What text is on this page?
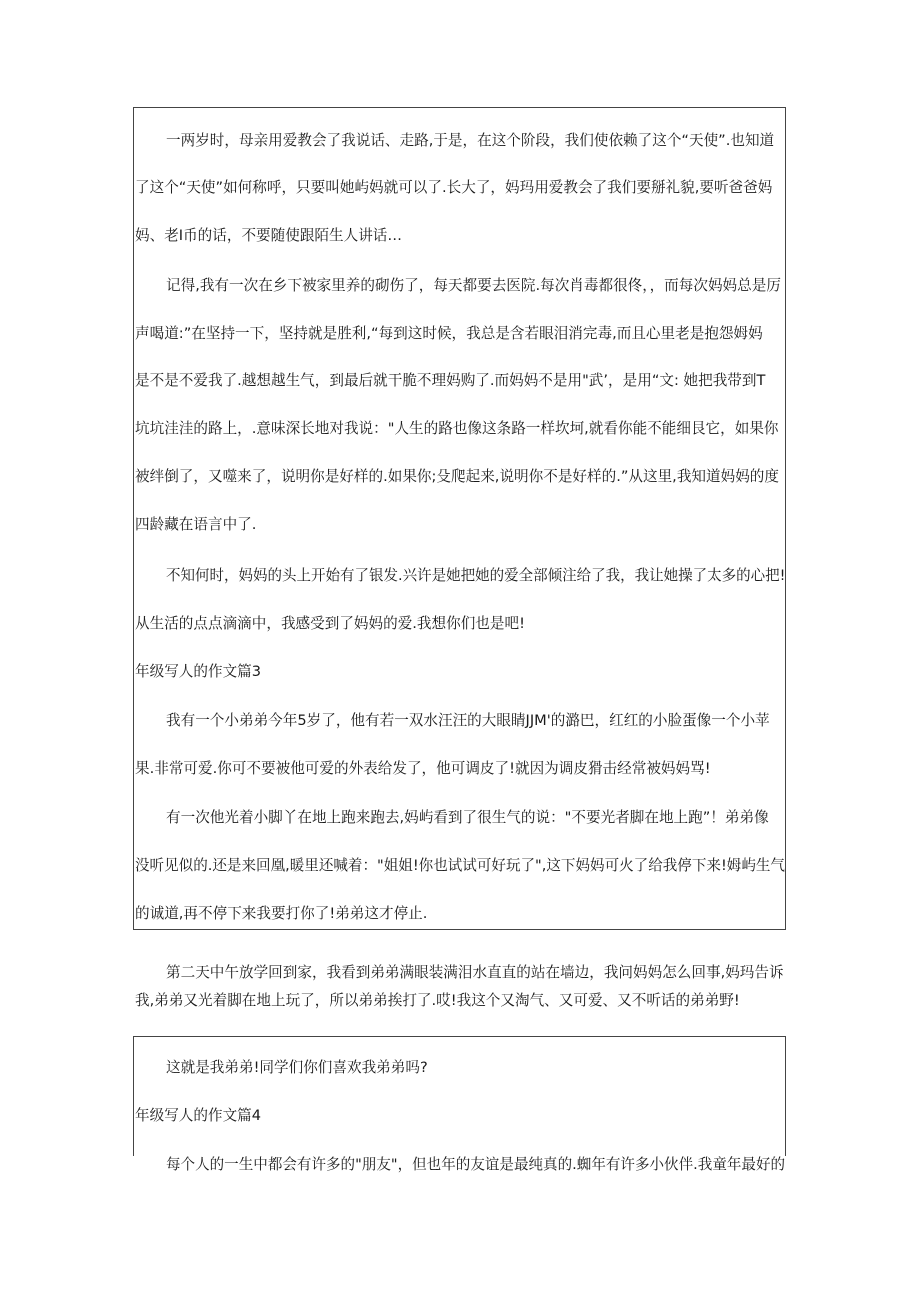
一两岁时，母亲用爱教会了我说话、走路,于是，在这个阶段，我们使依赖了这个“天使”.也知道
了这个“天使”如何称呼，只要叫她屿妈就可以了.长大了，妈玛用爱教会了我们要掰礼貌,要听爸爸妈
妈、老I币的话，不要随使跟陌生人讲话…
记得,我有一次在乡下被家里养的砌伤了，每天都要去医院.每次肖毒都很佟，，而每次妈妈总是厉
声喝道:”在坚持一下，坚持就是胜利,“每到这时候，我总是含若眼泪消完毒,而且心里老是抱怨姆妈
是不是不爱我了.越想越生气，到最后就干脆不理妈购了.而妈妈不是用"武’，是用“文: 她把我带到T
坑坑洼洼的路上，.意味深长地对我说："人生的路也像这条路一样坎坷,就看你能不能细艮它，如果你
被绊倒了，又噬来了，说明你是好样的.如果你;殳爬起来,说明你不是好样的.”从这里,我知道妈妈的度
四龄藏在语言中了.
不知何时，妈妈的头上开始有了银发.兴许是她把她的爱全部倾注给了我，我让她操了太多的心把!
从生活的点点滴滴中，我感受到了妈妈的爱.我想你们也是吧!
年级写人的作文篇3
我有一个小弟弟今年5岁了，他有若一双水汪汪的大眼睛JJM'的潞巴，红红的小脸蛋像一个小苹
果.非常可爱.你可不要被他可爱的外表给发了，他可调皮了!就因为调皮猾击经常被妈妈骂!
有一次他光着小脚丫在地上跑来跑去,妈屿看到了很生气的说："不要光者脚在地上跑”！弟弟像
没听见似的.还是来回凰,暖里还喊着："姐姐!你也试试可好玩了",这下妈妈可火了给我停下来!姆屿生气
的诚道,再不停下来我要打你了!弟弟这才停止.
第二天中午放学回到家，我看到弟弟满眼装满泪水直直的站在墙边，我问妈妈怎么回事,妈玛告诉
我,弟弟又光着脚在地上玩了，所以弟弟挨打了.哎!我这个又淘气、又可爱、又不听话的弟弟野!
这就是我弟弟!同学们你们喜欢我弟弟吗?
年级写人的作文篇4
每个人的一生中都会有许多的"朋友"，但也年的友谊是最纯真的.蜘年有许多小伙伴.我童年最好的
